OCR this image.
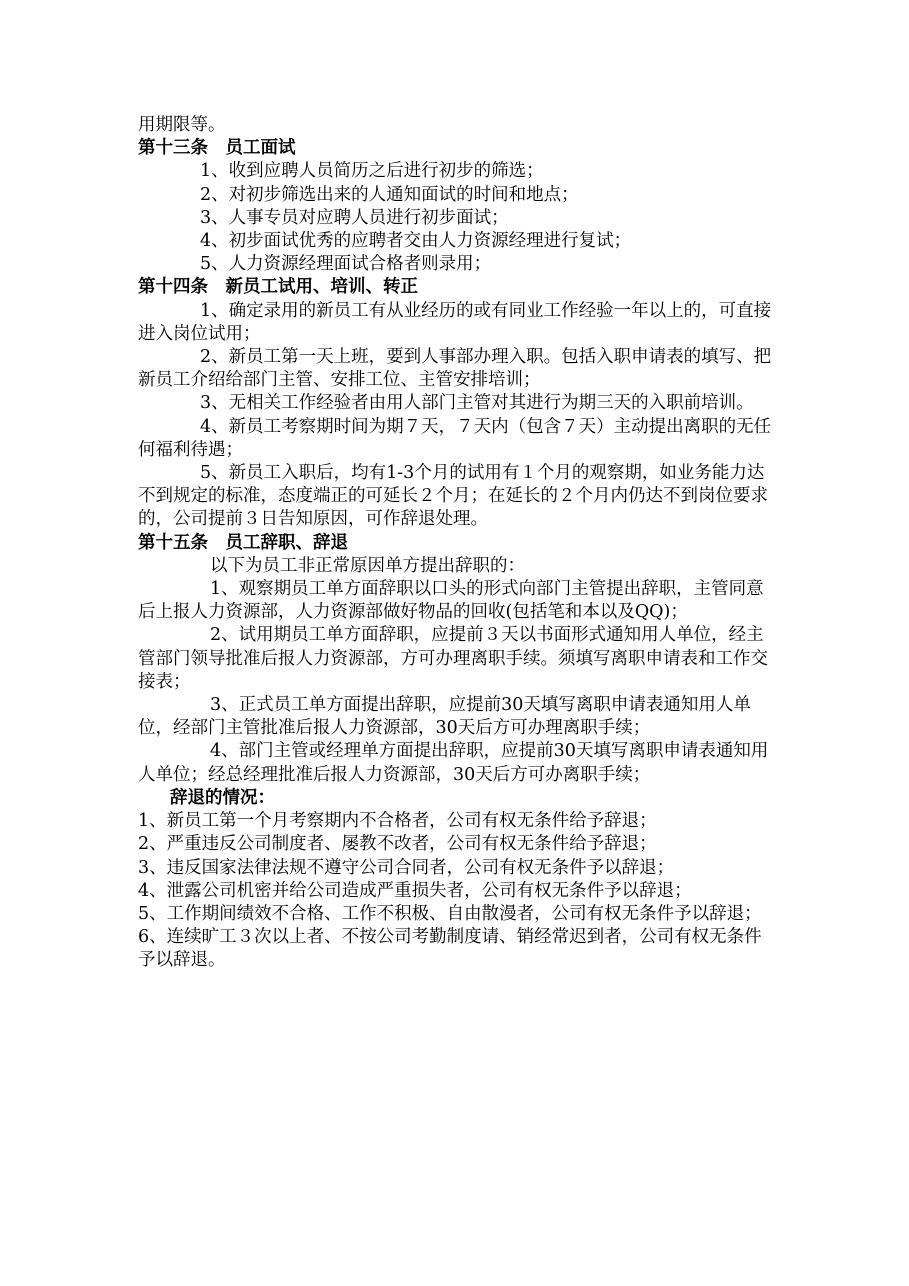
用期限等。

第十三条　员工面试

1、收到应聘人员简历之后进行初步的筛选；

2、对初步筛选出来的人通知面试的时间和地点；

3、人事专员对应聘人员进行初步面试；

4、初步面试优秀的应聘者交由人力资源经理进行复试；

5、人力资源经理面试合格者则录用；

第十四条　新员工试用、培训、转正

1、确定录用的新员工有从业经历的或有同业工作经验一年以上的，可直接进入岗位试用；

2、新员工第一天上班，要到人事部办理入职。包括入职申请表的填写、把新员工介绍给部门主管、安排工位、主管安排培训；

3、无相关工作经验者由用人部门主管对其进行为期三天的入职前培训。

4、新员工考察期时间为期７天，７天内（包含７天）主动提出离职的无任何福利待遇；

5、新员工入职后，均有1-3个月的试用有１个月的观察期，如业务能力达不到规定的标准，态度端正的可延长２个月；在延长的２个月内仍达不到岗位要求的，公司提前３日告知原因，可作辞退处理。

第十五条　员工辞职、辞退

以下为员工非正常原因单方提出辞职的：

1、观察期员工单方面辞职以口头的形式向部门主管提出辞职，主管同意后上报人力资源部，人力资源部做好物品的回收(包括笔和本以及QQ)；

2、试用期员工单方面辞职，应提前３天以书面形式通知用人单位，经主管部门领导批准后报人力资源部，方可办理离职手续。须填写离职申请表和工作交接表；

3、正式员工单方面提出辞职，应提前30天填写离职申请表通知用人单位，经部门主管批准后报人力资源部，30天后方可办理离职手续；

4、部门主管或经理单方面提出辞职，应提前30天填写离职申请表通知用人单位；经总经理批准后报人力资源部，30天后方可办离职手续；

辞退的情况：

1、新员工第一个月考察期内不合格者，公司有权无条件给予辞退；

2、严重违反公司制度者、屡教不改者，公司有权无条件给予辞退；

3、违反国家法律法规不遵守公司合同者，公司有权无条件予以辞退；

4、泄露公司机密并给公司造成严重损失者，公司有权无条件予以辞退；

5、工作期间绩效不合格、工作不积极、自由散漫者，公司有权无条件予以辞退；

6、连续旷工３次以上者、不按公司考勤制度请、销经常迟到者，公司有权无条件予以辞退。
